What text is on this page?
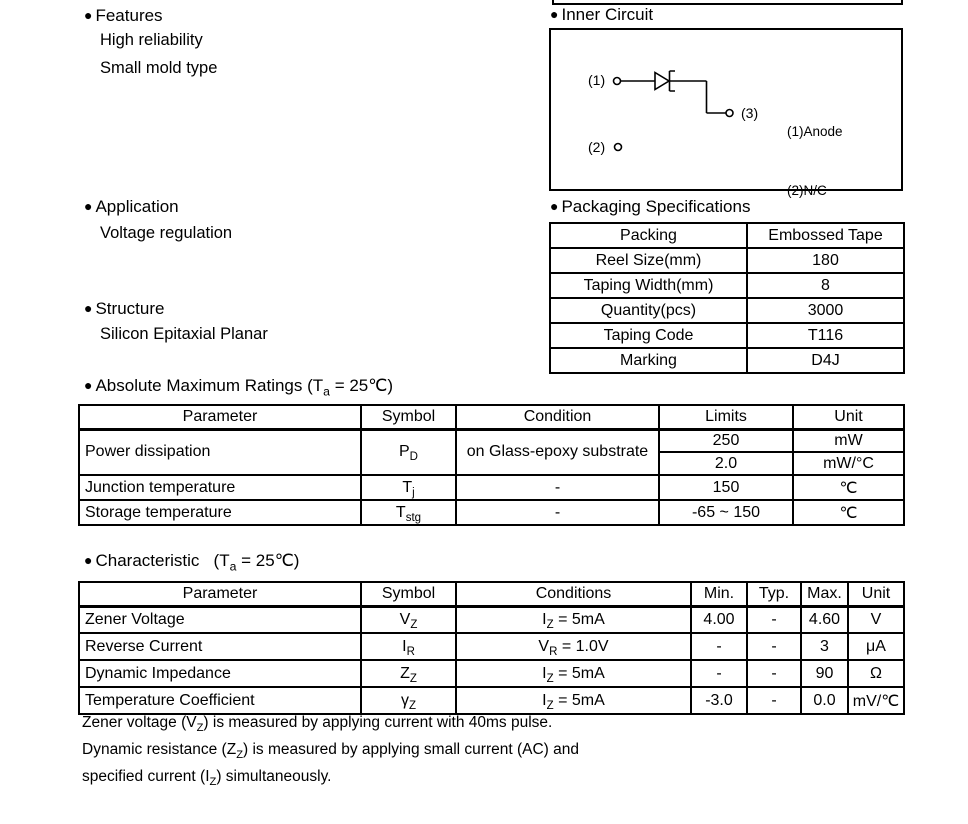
● Features
High reliability
Small mold type
● Inner Circuit
(1)
(3)
(2)

(1)Anode

(2)N/C

● Application
Voltage regulation
● Structure
Silicon Epitaxial Planar
● Packaging Specifications
Packing	Embossed Tape
Reel Size(mm)	180
Taping Width(mm)	8
Quantity(pcs)	3000
Taping Code	T116
Marking	D4J
● Absolute Maximum Ratings ($T_a$ = 25℃)
Parameter	Symbol	Condition	Limits	Unit
Power dissipation	$P_D$	on Glass-epoxy substrate	250	mW
			2.0	mW/°C
Junction temperature	$T_j$	-	150	℃
Storage temperature	$T_{stg}$	-	-65 ~ 150	℃
● Characteristic   ($T_a$ = 25℃)
Parameter	Symbol	Conditions	Min.	Typ.	Max.	Unit
Zener Voltage	$V_Z$	$I_Z = 5mA$	4.00	-	4.60	V
Reverse Current	$I_R$	$V_R = 1.0V$	-	-	3	μA
Dynamic Impedance	$Z_Z$	$I_Z = 5mA$	-	-	90	Ω
Temperature Coefficient	$\gamma_Z$	$I_Z = 5mA$	-3.0	-	0.0	mV/℃
Zener voltage $(V_Z)$ is measured by applying current with 40ms pulse.
Dynamic resistance $(Z_Z)$ is measured by applying small current (AC) and
specified current $(I_Z)$ simultaneously.
